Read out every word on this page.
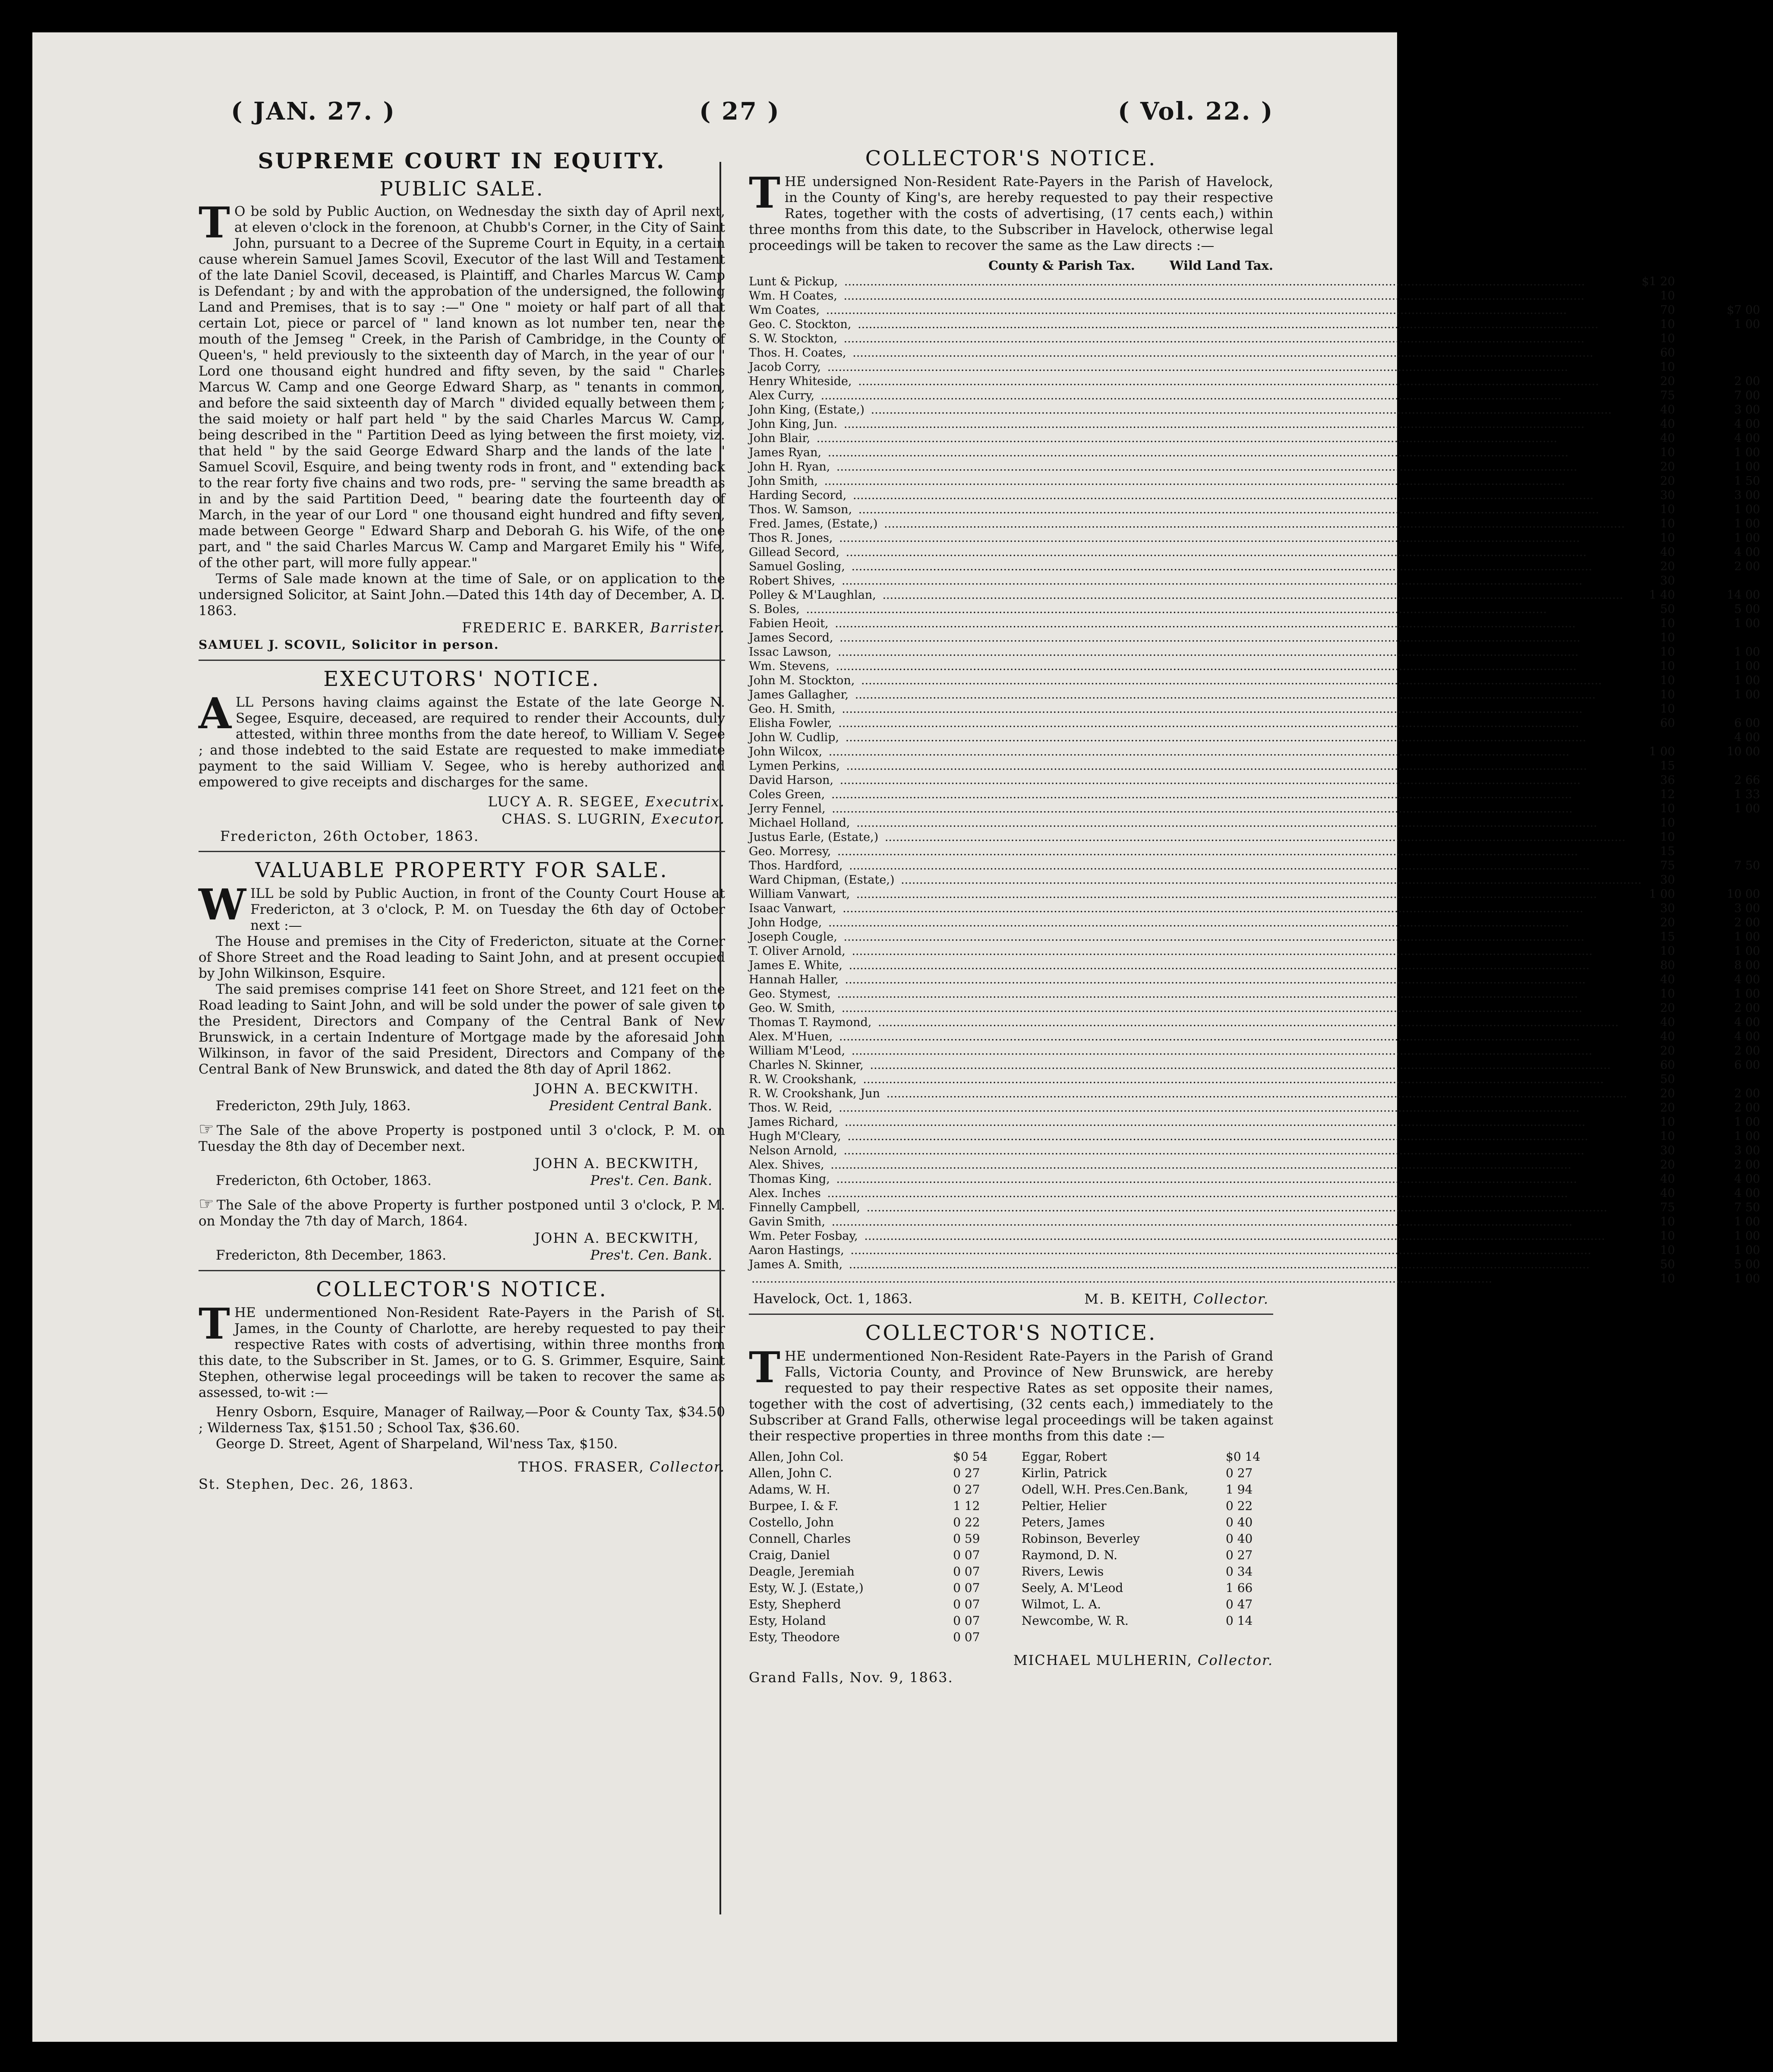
( JAN. 27. )	( 27 )	( Vol. 22. )
SUPREME COURT IN EQUITY.
PUBLIC SALE.

T O be sold by Public Auction, on Wednesday the sixth day of April next, at eleven o'clock in the forenoon, at Chubb's Corner, in the City of Saint John, pursuant to a Decree of the Supreme Court in Equity, in a certain cause wherein Samuel James Scovil, Executor of the last Will and Testament of the late Daniel Scovil, deceased, is Plaintiff, and Charles Marcus W. Camp is Defendant ; by and with the approbation of the undersigned, the following Land and Premises, that is to say :—" One " moiety or half part of all that certain Lot, piece or parcel of " land known as lot number ten, near the mouth of the Jemseg " Creek, in the Parish of Cambridge, in the County of Queen's, " held previously to the sixteenth day of March, in the year of our " Lord one thousand eight hundred and fifty seven, by the said " Charles Marcus W. Camp and one George Edward Sharp, as " tenants in common, and before the said sixteenth day of March " divided equally between them ; the said moiety or half part held " by the said Charles Marcus W. Camp, being described in the " Partition Deed as lying between the first moiety, viz. that held " by the said George Edward Sharp and the lands of the late " Samuel Scovil, Esquire, and being twenty rods in front, and " extending back to the rear forty five chains and two rods, pre- " serving the same breadth as in and by the said Partition Deed, " bearing date the fourteenth day of March, in the year of our Lord " one thousand eight hundred and fifty seven, made between George " Edward Sharp and Deborah G. his Wife, of the one part, and " the said Charles Marcus W. Camp and Margaret Emily his " Wife, of the other part, will more fully appear."

Terms of Sale made known at the time of Sale, or on application to the undersigned Solicitor, at Saint John.—Dated this 14th day of December, A. D. 1863.

FREDERIC E. BARKER, Barrister.
SAMUEL J. SCOVIL, Solicitor in person.
EXECUTORS' NOTICE.

ALL Persons having claims against the Estate of the late George N. Segee, Esquire, deceased, are required to render their Accounts, duly attested, within three months from the date hereof, to William V. Segee ; and those indebted to the said Estate are requested to make immediate payment to the said William V. Segee, who is hereby authorized and empowered to give receipts and discharges for the same.

LUCY A. R. SEGEE, Executrix.
CHAS. S. LUGRIN, Executor.
Fredericton, 26th October, 1863.
VALUABLE PROPERTY FOR SALE.

WILL be sold by Public Auction, in front of the County Court House at Fredericton, at 3 o'clock, P. M. on Tuesday the 6th day of October next :—

The House and premises in the City of Fredericton, situate at the Corner of Shore Street and the Road leading to Saint John, and at present occupied by John Wilkinson, Esquire.

The said premises comprise 141 feet on Shore Street, and 121 feet on the Road leading to Saint John, and will be sold under the power of sale given to the President, Directors and Company of the Central Bank of New Brunswick, in a certain Indenture of Mortgage made by the aforesaid John Wilkinson, in favor of the said President, Directors and Company of the Central Bank of New Brunswick, and dated the 8th day of April 1862.

JOHN A. BECKWITH.
Fredericton, 29th July, 1863.	President Central Bank.

☞ The Sale of the above Property is postponed until 3 o'clock, P. M. on Tuesday the 8th day of December next.

JOHN A. BECKWITH,
Fredericton, 6th October, 1863.	Pres't. Cen. Bank.

☞ The Sale of the above Property is further postponed until 3 o'clock, P. M. on Monday the 7th day of March, 1864.

JOHN A. BECKWITH,
Fredericton, 8th December, 1863.	Pres't. Cen. Bank.
COLLECTOR'S NOTICE.

THE undermentioned Non-Resident Rate-Payers in the Parish of St. James, in the County of Charlotte, are hereby requested to pay their respective Rates with costs of advertising, within three months from this date, to the Subscriber in St. James, or to G. S. Grimmer, Esquire, Saint Stephen, otherwise legal proceedings will be taken to recover the same as assessed, to-wit :—

Henry Osborn, Esquire, Manager of Railway,—Poor & County Tax, $34.50 ; Wilderness Tax, $151.50 ; School Tax, $36.60.

George D. Street, Agent of Sharpeland, Wil'ness Tax, $150.

THOS. FRASER, Collector.
St. Stephen, Dec. 26, 1863.
COLLECTOR'S NOTICE.

THE undersigned Non-Resident Rate-Payers in the Parish of Havelock, in the County of King's, are hereby requested to pay their respective Rates, together with the costs of advertising, (17 cents each,) within three months from this date, to the Subscriber in Havelock, otherwise legal proceedings will be taken to recover the same as the Law directs :—

County & Parish Tax.	Wild Land Tax.
Lunt & Pickup, ........................................................................................................................................................................................................	$1 20	
Wm. H Coates, ........................................................................................................................................................................................................	10	
Wm Coates, ........................................................................................................................................................................................................	70	$7 00
Geo. C. Stockton, ........................................................................................................................................................................................................	10	1 00
S. W. Stockton, ........................................................................................................................................................................................................	10	
Thos. H. Coates, ........................................................................................................................................................................................................	60	
Jacob Corry, ........................................................................................................................................................................................................	10	
Henry Whiteside, ........................................................................................................................................................................................................	20	2 00
Alex Curry, ........................................................................................................................................................................................................	75	7 00
John King, (Estate,) ........................................................................................................................................................................................................	40	3 00
John King, Jun. ........................................................................................................................................................................................................	40	4 00
John Blair, ........................................................................................................................................................................................................	40	4 00
James Ryan, ........................................................................................................................................................................................................	10	1 00
John H. Ryan, ........................................................................................................................................................................................................	20	1 00
John Smith, ........................................................................................................................................................................................................	20	1 50
Harding Secord, ........................................................................................................................................................................................................	30	3 00
Thos. W. Samson, ........................................................................................................................................................................................................	10	1 00
Fred. James, (Estate,) ........................................................................................................................................................................................................	10	1 00
Thos R. Jones, ........................................................................................................................................................................................................	10	1 00
Gillead Secord, ........................................................................................................................................................................................................	40	4 00
Samuel Gosling, ........................................................................................................................................................................................................	20	2 00
Robert Shives, ........................................................................................................................................................................................................	30	
Polley & M'Laughlan, ........................................................................................................................................................................................................	1 40	14 00
S. Boles, ........................................................................................................................................................................................................	50	5 00
Fabien Heoit, ........................................................................................................................................................................................................	10	1 00
James Secord, ........................................................................................................................................................................................................	10	
Issac Lawson, ........................................................................................................................................................................................................	10	1 00
Wm. Stevens, ........................................................................................................................................................................................................	10	1 00
John M. Stockton, ........................................................................................................................................................................................................	10	1 00
James Gallagher, ........................................................................................................................................................................................................	10	1 00
Geo. H. Smith, ........................................................................................................................................................................................................	10	
Elisha Fowler, ........................................................................................................................................................................................................	60	6 00
John W. Cudlip, ........................................................................................................................................................................................................		4 00
John Wilcox, ........................................................................................................................................................................................................	1 00	10 00
Lymen Perkins, ........................................................................................................................................................................................................	15	
David Harson, ........................................................................................................................................................................................................	36	2 66
Coles Green, ........................................................................................................................................................................................................	12	1 33
Jerry Fennel, ........................................................................................................................................................................................................	10	1 00
Michael Holland, ........................................................................................................................................................................................................	10	
Justus Earle, (Estate,) ........................................................................................................................................................................................................	10	
Geo. Morresy, ........................................................................................................................................................................................................	15	
Thos. Hardford, ........................................................................................................................................................................................................	75	7 50
Ward Chipman, (Estate,) ........................................................................................................................................................................................................	30	
William Vanwart, ........................................................................................................................................................................................................	1 00	10 00
Isaac Vanwart, ........................................................................................................................................................................................................	30	3 00
John Hodge, ........................................................................................................................................................................................................	20	2 00
Joseph Cougle, ........................................................................................................................................................................................................	15	1 00
T. Oliver Arnold, ........................................................................................................................................................................................................	10	1 00
James E. White, ........................................................................................................................................................................................................	80	8 00
Hannah Haller, ........................................................................................................................................................................................................	40	4 00
Geo. Stymest, ........................................................................................................................................................................................................	10	1 00
Geo. W. Smith, ........................................................................................................................................................................................................	20	2 00
Thomas T. Raymond, ........................................................................................................................................................................................................	40	4 00
Alex. M'Huen, ........................................................................................................................................................................................................	40	4 00
William M'Leod, ........................................................................................................................................................................................................	20	2 00
Charles N. Skinner, ........................................................................................................................................................................................................	60	6 00
R. W. Crookshank, ........................................................................................................................................................................................................	50	
R. W. Crookshank, Jun ........................................................................................................................................................................................................	20	2 00
Thos. W. Reid, ........................................................................................................................................................................................................	20	2 00
James Richard, ........................................................................................................................................................................................................	10	1 00
Hugh M'Cleary, ........................................................................................................................................................................................................	10	1 00
Nelson Arnold, ........................................................................................................................................................................................................	30	3 00
Alex. Shives, ........................................................................................................................................................................................................	20	2 00
Thomas King, ........................................................................................................................................................................................................	40	4 00
Alex. Inches ........................................................................................................................................................................................................	40	4 00
Finnelly Campbell, ........................................................................................................................................................................................................	75	7 50
Gavin Smith, ........................................................................................................................................................................................................	10	1 00
Wm. Peter Fosbay, ........................................................................................................................................................................................................	10	1 00
Aaron Hastings, ........................................................................................................................................................................................................	10	1 00
James A. Smith, ........................................................................................................................................................................................................	50	5 00
........................................................................................................................................................................................................	10	1 00
Havelock, Oct. 1, 1863.	M. B. KEITH, Collector.
COLLECTOR'S NOTICE.

THE undermentioned Non-Resident Rate-Payers in the Parish of Grand Falls, Victoria County, and Province of New Brunswick, are hereby requested to pay their respective Rates as set opposite their names, together with the cost of advertising, (32 cents each,) immediately to the Subscriber at Grand Falls, otherwise legal proceedings will be taken against their respective properties in three months from this date :—

Allen, John Col.	$0 54
Allen, John C.	0 27
Adams, W. H.	0 27
Burpee, I. & F.	1 12
Costello, John	0 22
Connell, Charles	0 59
Craig, Daniel	0 07
Deagle, Jeremiah	0 07
Esty, W. J. (Estate,)	0 07
Esty, Shepherd	0 07
Esty, Holand	0 07
Esty, Theodore	0 07
Eggar, Robert	$0 14
Kirlin, Patrick	0 27
Odell, W.H. Pres.Cen.Bank,	1 94
Peltier, Helier	0 22
Peters, James	0 40
Robinson, Beverley	0 40
Raymond, D. N.	0 27
Rivers, Lewis	0 34
Seely, A. M'Leod	1 66
Wilmot, L. A.	0 47
Newcombe, W. R.	0 14
MICHAEL MULHERIN, Collector.
Grand Falls, Nov. 9, 1863.
